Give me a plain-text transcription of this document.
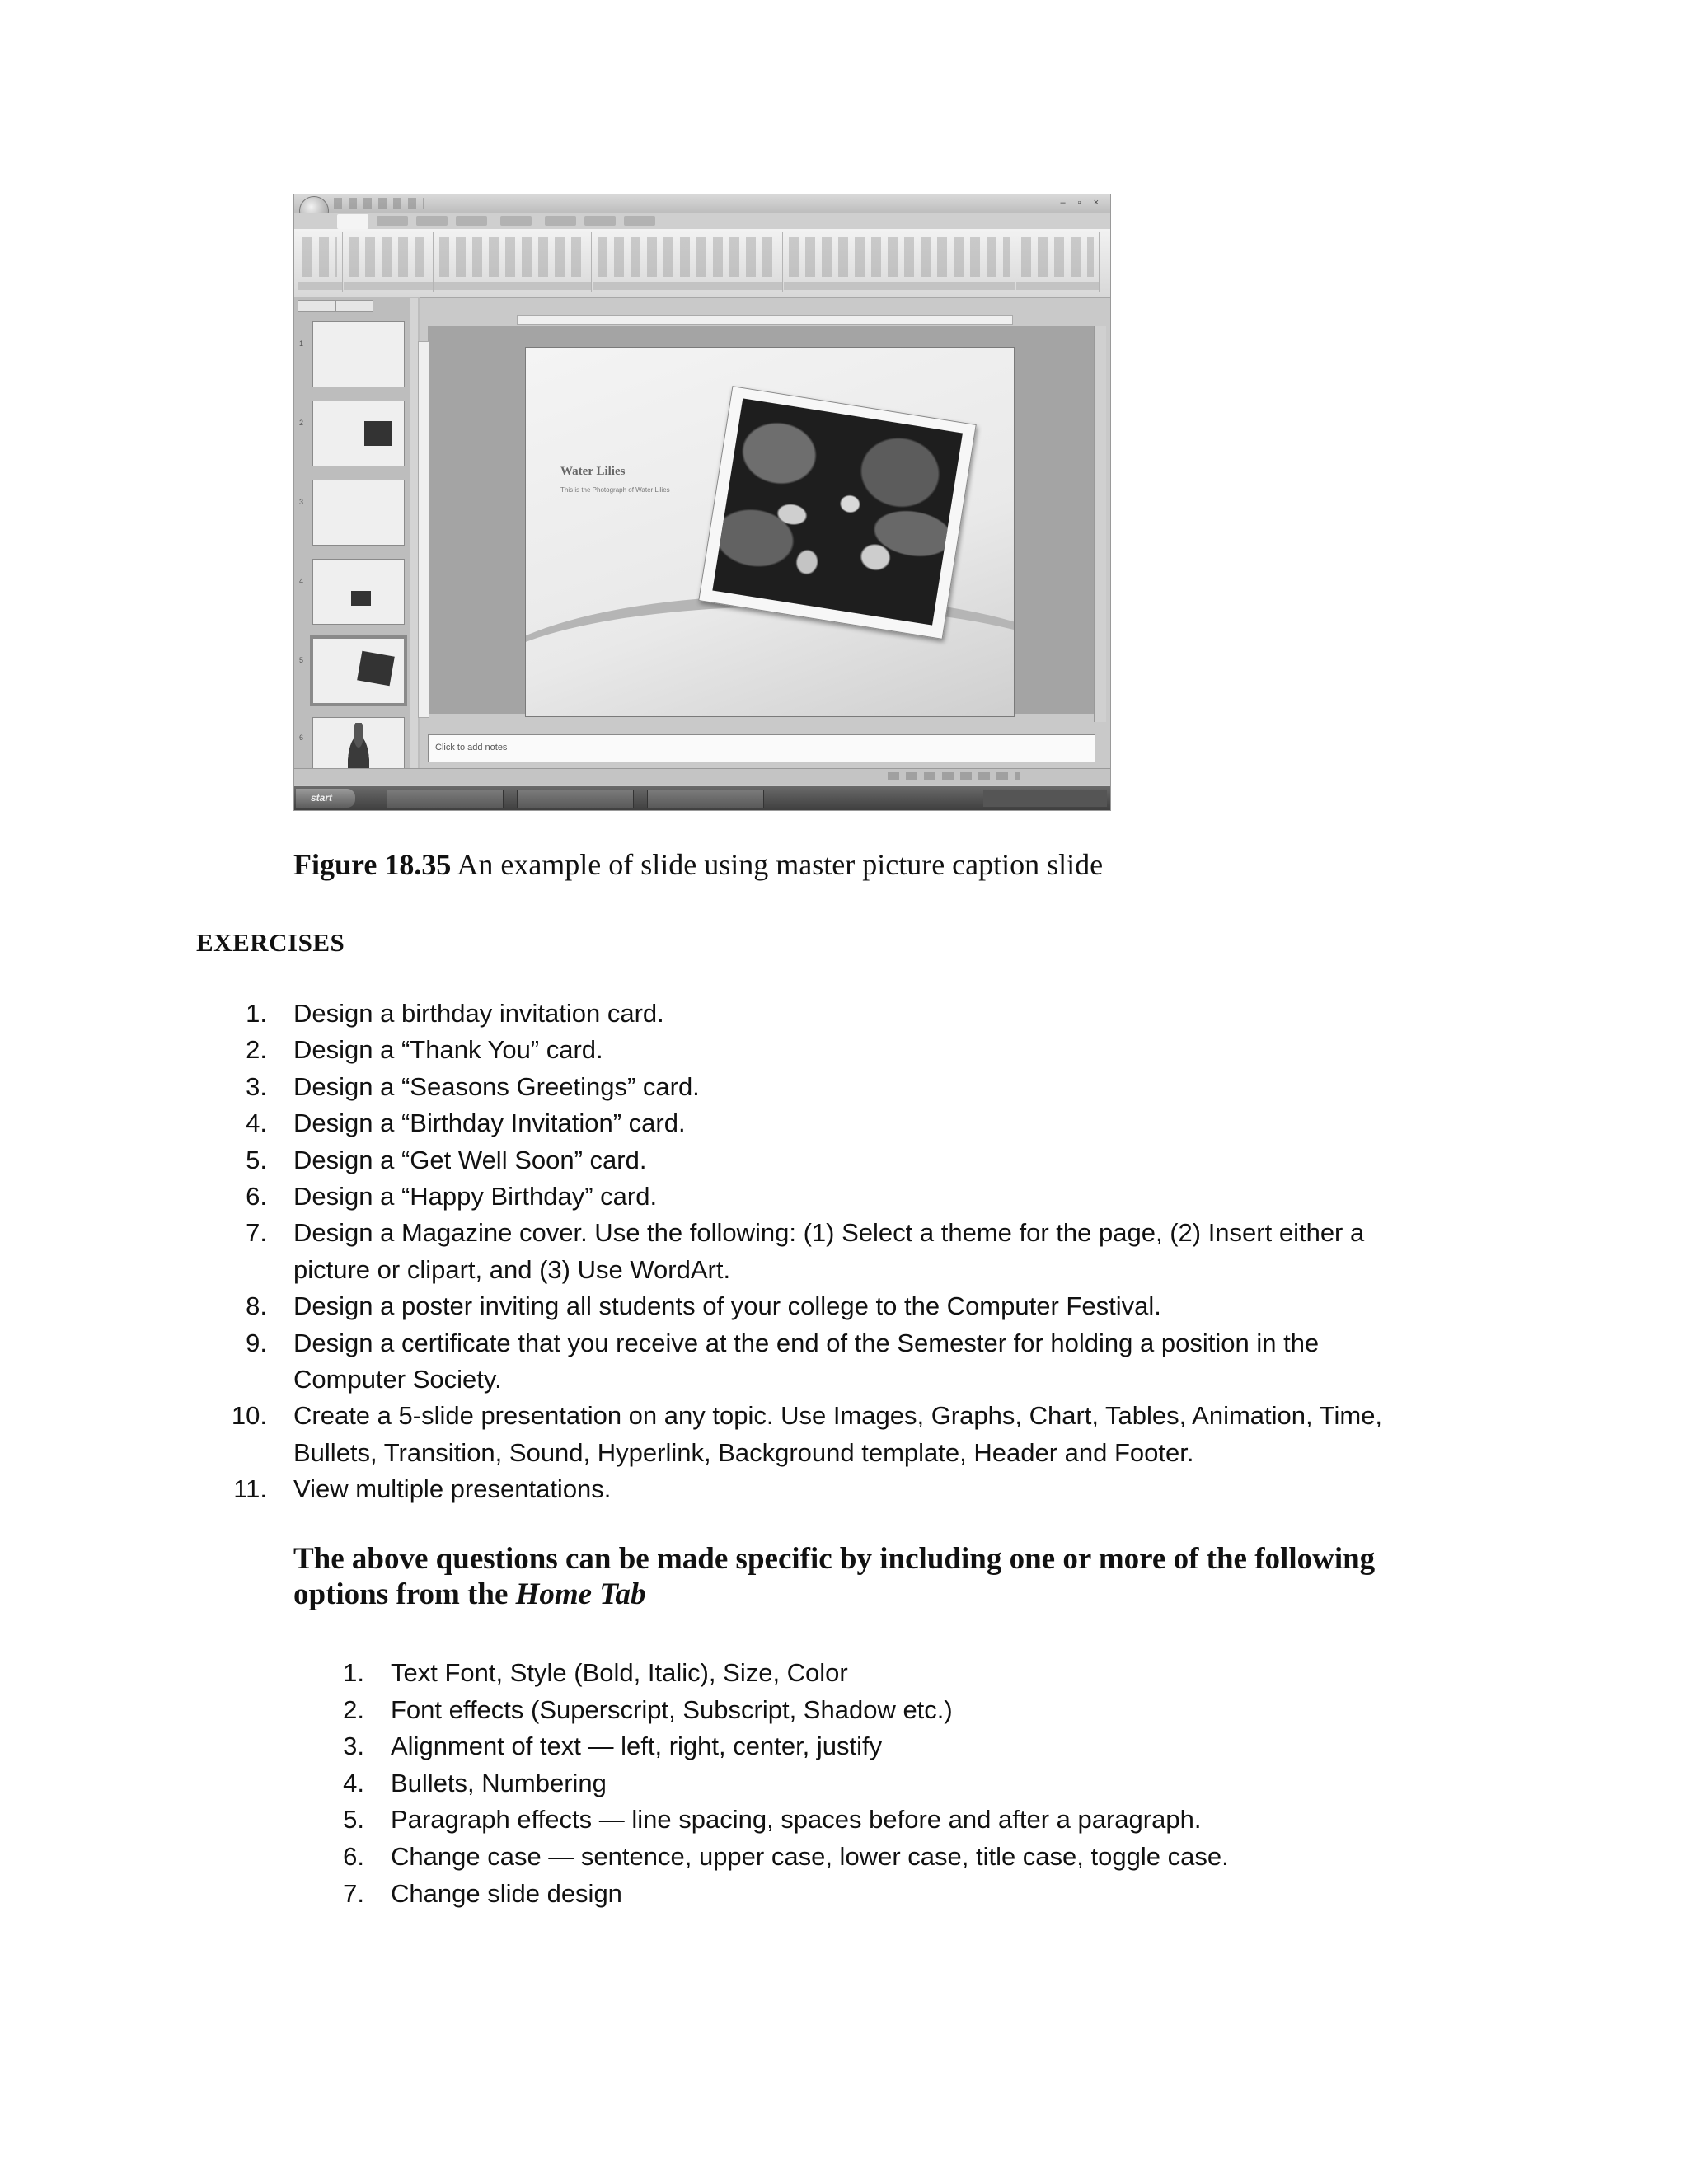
– ▫ ×
1
2
3
4
5
6
Water Lilies
This is the Photograph of Water Lilies
Click to add notes
start
Figure 18.35 An example of slide using master picture caption slide
EXERCISES
1. Design a birthday invitation card.
2. Design a “Thank You” card.
3. Design a “Seasons Greetings” card.
4. Design a “Birthday Invitation” card.
5. Design a “Get Well Soon” card.
6. Design a “Happy Birthday” card.
7. Design a Magazine cover. Use the following: (1) Select a theme for the page, (2) Insert either a
picture or clipart, and (3) Use WordArt.
8. Design a poster inviting all students of your college to the Computer Festival.
9. Design a certificate that you receive at the end of the Semester for holding a position in the
Computer Society.
10. Create a 5-slide presentation on any topic. Use Images, Graphs, Chart, Tables, Animation, Time,
Bullets, Transition, Sound, Hyperlink, Background template, Header and Footer.
11. View multiple presentations.
The above questions can be made specific by including one or more of the following options from the Home Tab
1. Text Font, Style (Bold, Italic), Size, Color
2. Font effects (Superscript, Subscript, Shadow etc.)
3. Alignment of text — left, right, center, justify
4. Bullets, Numbering
5. Paragraph effects — line spacing, spaces before and after a paragraph.
6. Change case — sentence, upper case, lower case, title case, toggle case.
7. Change slide design
